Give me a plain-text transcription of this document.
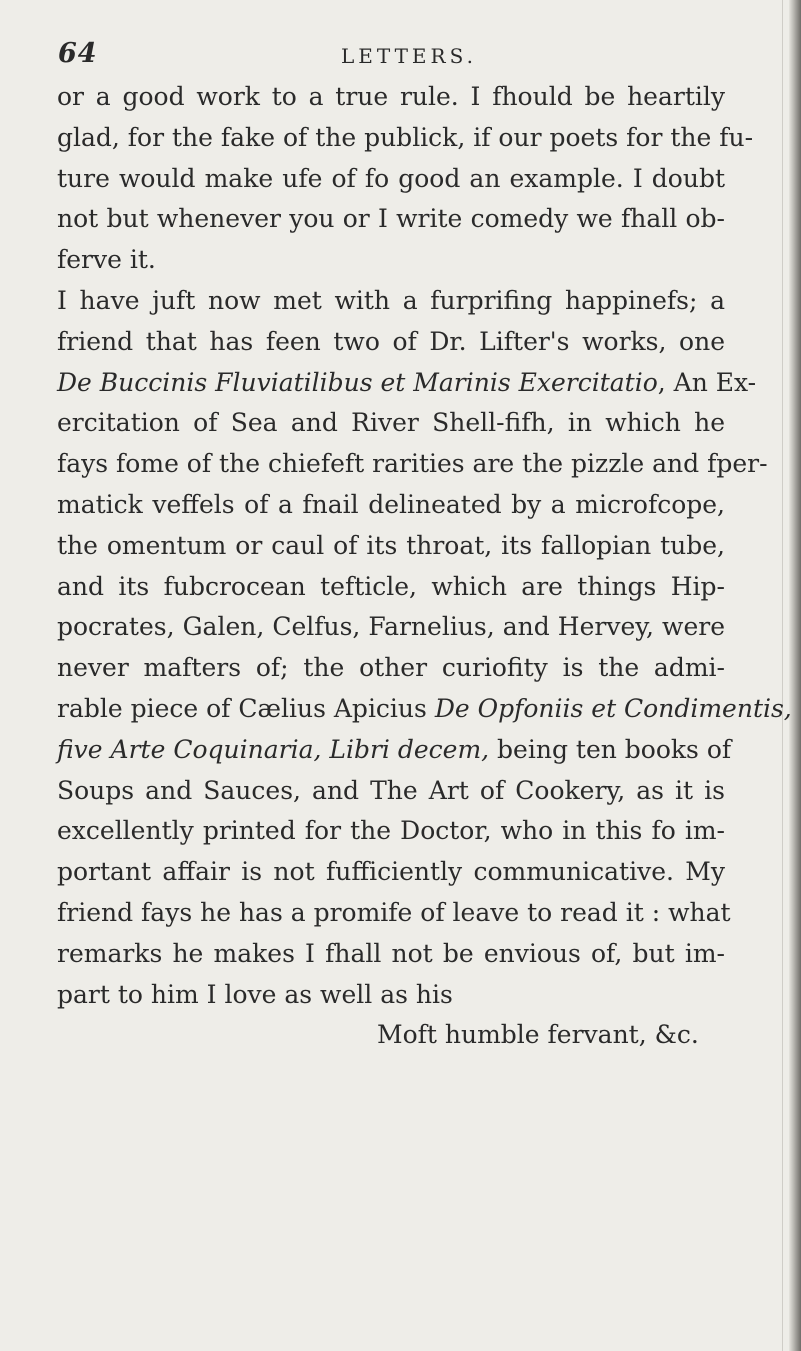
64	LETTERS.
or a good work to a true rule. I fhould be heartily
glad, for the fake of the publick, if our poets for the fu-
ture would make ufe of fo good an example. I doubt
not but whenever you or I write comedy we fhall ob-
ferve it.
I have juft now met with a furprifing happinefs; a
friend that has feen two of Dr. Lifter's works, one
De Buccinis Fluviatilibus et Marinis Exercitatio, An Ex-
ercitation of Sea and River Shell-fifh, in which he
fays fome of the chiefeft rarities are the pizzle and fper-
matick veffels of a fnail delineated by a microfcope,
the omentum or caul of its throat, its fallopian tube,
and its fubcrocean tefticle, which are things Hip-
pocrates, Galen, Celfus, Farnelius, and Hervey, were
never mafters of; the other curiofity is the admi-
rable piece of Cælius Apicius De Opfoniis et Condimentis,
five Arte Coquinaria, Libri decem, being ten books of
Soups and Sauces, and The Art of Cookery, as it is
excellently printed for the Doctor, who in this fo im-
portant affair is not fufficiently communicative. My
friend fays he has a promife of leave to read it : what
remarks he makes I fhall not be envious of, but im-
part to him I love as well as his
Moft humble fervant, &c.
